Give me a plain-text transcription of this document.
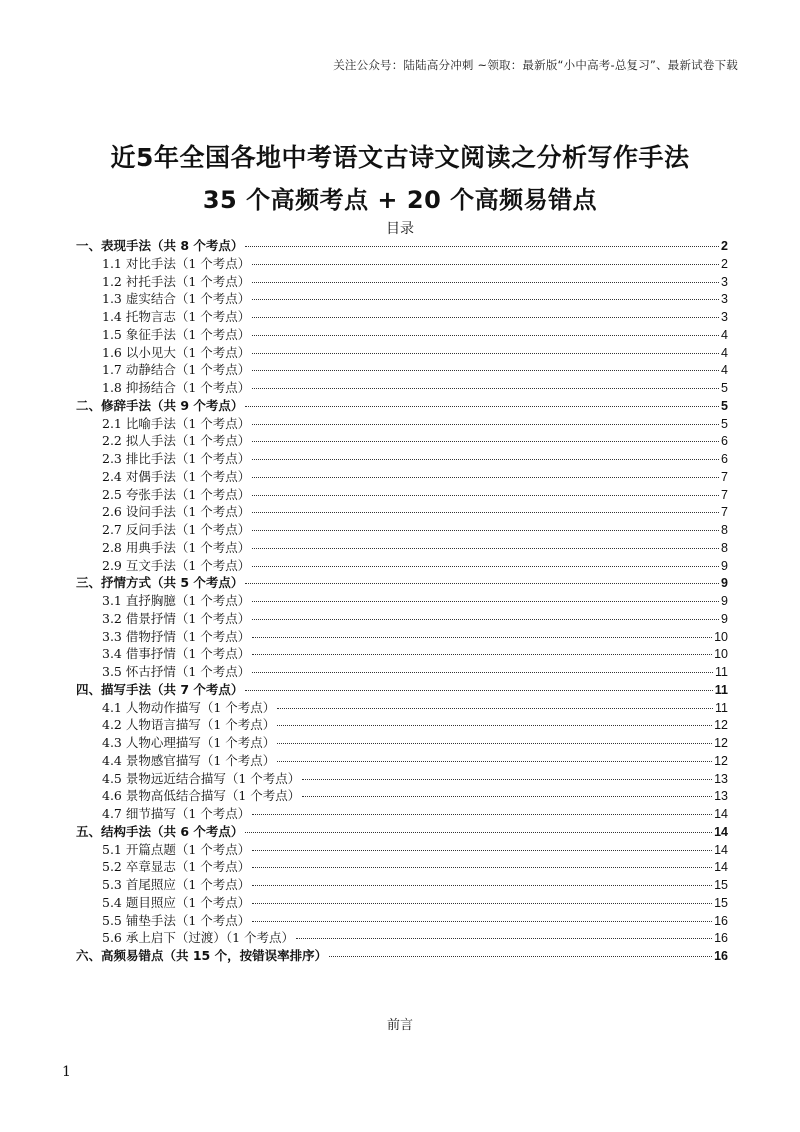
关注公众号：陆陆高分冲刺 ~领取：最新版“小中高考-总复习”、最新试卷下载
近5年全国各地中考语文古诗文阅读之分析写作手法
35 个高频考点 + 20 个高频易错点
目录
一、表现手法（共 8 个考点）	2
1.1 对比手法（1 个考点）	2
1.2 衬托手法（1 个考点）	3
1.3 虚实结合（1 个考点）	3
1.4 托物言志（1 个考点）	3
1.5 象征手法（1 个考点）	4
1.6 以小见大（1 个考点）	4
1.7 动静结合（1 个考点）	4
1.8 抑扬结合（1 个考点）	5
二、修辞手法（共 9 个考点）	5
2.1 比喻手法（1 个考点）	5
2.2 拟人手法（1 个考点）	6
2.3 排比手法（1 个考点）	6
2.4 对偶手法（1 个考点）	7
2.5 夸张手法（1 个考点）	7
2.6 设问手法（1 个考点）	7
2.7 反问手法（1 个考点）	8
2.8 用典手法（1 个考点）	8
2.9 互文手法（1 个考点）	9
三、抒情方式（共 5 个考点）	9
3.1 直抒胸臆（1 个考点）	9
3.2 借景抒情（1 个考点）	9
3.3 借物抒情（1 个考点）	10
3.4 借事抒情（1 个考点）	10
3.5 怀古抒情（1 个考点）	11
四、描写手法（共 7 个考点）	11
4.1 人物动作描写（1 个考点）	11
4.2 人物语言描写（1 个考点）	12
4.3 人物心理描写（1 个考点）	12
4.4 景物感官描写（1 个考点）	12
4.5 景物远近结合描写（1 个考点）	13
4.6 景物高低结合描写（1 个考点）	13
4.7 细节描写（1 个考点）	14
五、结构手法（共 6 个考点）	14
5.1 开篇点题（1 个考点）	14
5.2 卒章显志（1 个考点）	14
5.3 首尾照应（1 个考点）	15
5.4 题目照应（1 个考点）	15
5.5 铺垫手法（1 个考点）	16
5.6 承上启下（过渡）（1 个考点）	16
六、高频易错点（共 15 个，按错误率排序）	16
前言
1
